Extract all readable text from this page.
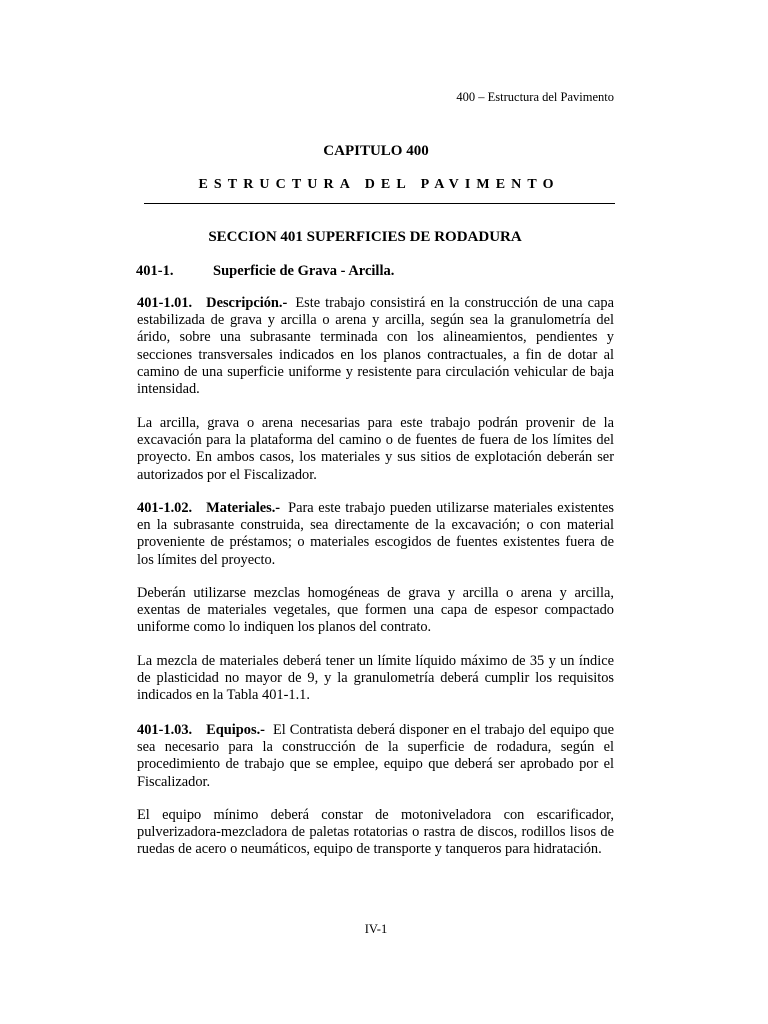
400 – Estructura del Pavimento
CAPITULO 400
ESTRUCTURA DEL PAVIMENTO
SECCION 401 SUPERFICIES DE RODADURA
401-1.	Superficie de Grava - Arcilla.
401-1.01. Descripción.- Este trabajo consistirá en la construcción de una capa estabilizada de grava y arcilla o arena y arcilla, según sea la granulometría del árido, sobre una subrasante terminada con los alineamientos, pendientes y secciones transversales indicados en los planos contractuales, a fin de dotar al camino de una superficie uniforme y resistente para circulación vehicular de baja intensidad.
La arcilla, grava o arena necesarias para este trabajo podrán provenir de la excavación para la plataforma del camino o de fuentes de fuera de los límites del proyecto. En ambos casos, los materiales y sus sitios de explotación deberán ser autorizados por el Fiscalizador.
401-1.02. Materiales.- Para este trabajo pueden utilizarse materiales existentes en la subrasante construida, sea directamente de la excavación; o con material proveniente de préstamos; o materiales escogidos de fuentes existentes fuera de los límites del proyecto.
Deberán utilizarse mezclas homogéneas de grava y arcilla o arena y arcilla, exentas de materiales vegetales, que formen una capa de espesor compactado uniforme como lo indiquen los planos del contrato.
La mezcla de materiales deberá tener un límite líquido máximo de 35 y un índice de plasticidad no mayor de 9, y la granulometría deberá cumplir los requisitos indicados en la Tabla 401-1.1.
401-1.03. Equipos.- El Contratista deberá disponer en el trabajo del equipo que sea necesario para la construcción de la superficie de rodadura, según el procedimiento de trabajo que se emplee, equipo que deberá ser aprobado por el Fiscalizador.
El equipo mínimo deberá constar de motoniveladora con escarificador, pulverizadora-mezcladora de paletas rotatorias o rastra de discos, rodillos lisos de ruedas de acero o neumáticos, equipo de transporte y tanqueros para hidratación.
IV-1
